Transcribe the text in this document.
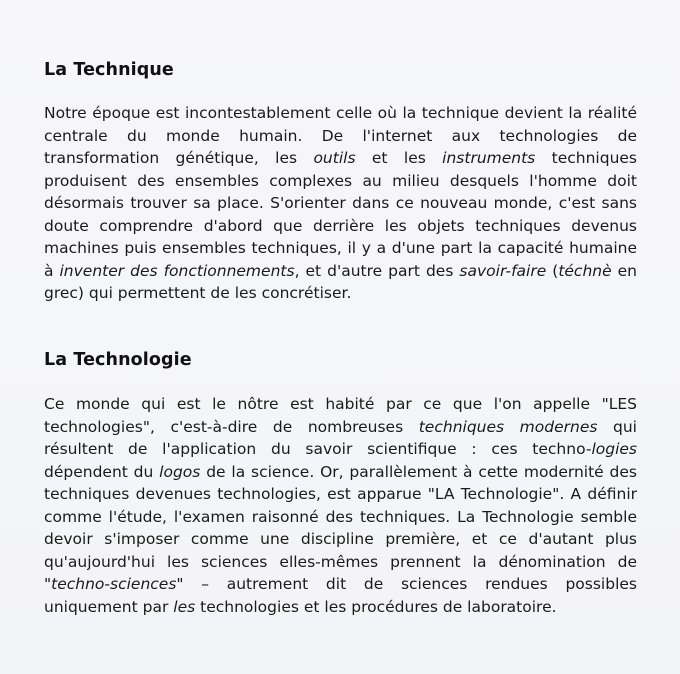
La Technique

Notre époque est incontestablement celle où la technique devient la réalité centrale du monde humain. De l'internet aux technologies de transformation génétique, les outils et les instruments techniques produisent des ensembles complexes au milieu desquels l'homme doit désormais trouver sa place. S'orienter dans ce nouveau monde, c'est sans doute comprendre d'abord que derrière les objets techniques devenus machines puis ensembles techniques, il y a d'une part la capacité humaine à inventer des fonctionnements, et d'autre part des savoir-faire (téchnè en grec) qui permettent de les concrétiser.

La Technologie

Ce monde qui est le nôtre est habité par ce que l'on appelle "LES technologies", c'est-à-dire de nombreuses techniques modernes qui résultent de l'application du savoir scientifique : ces techno-logies dépendent du logos de la science. Or, parallèlement à cette modernité des techniques devenues technologies, est apparue "LA Technologie". A définir comme l'étude, l'examen raisonné des techniques. La Technologie semble devoir s'imposer comme une discipline première, et ce d'autant plus qu'aujourd'hui les sciences elles-mêmes prennent la dénomination de "techno-sciences" – autrement dit de sciences rendues possibles uniquement par les technologies et les procédures de laboratoire.
